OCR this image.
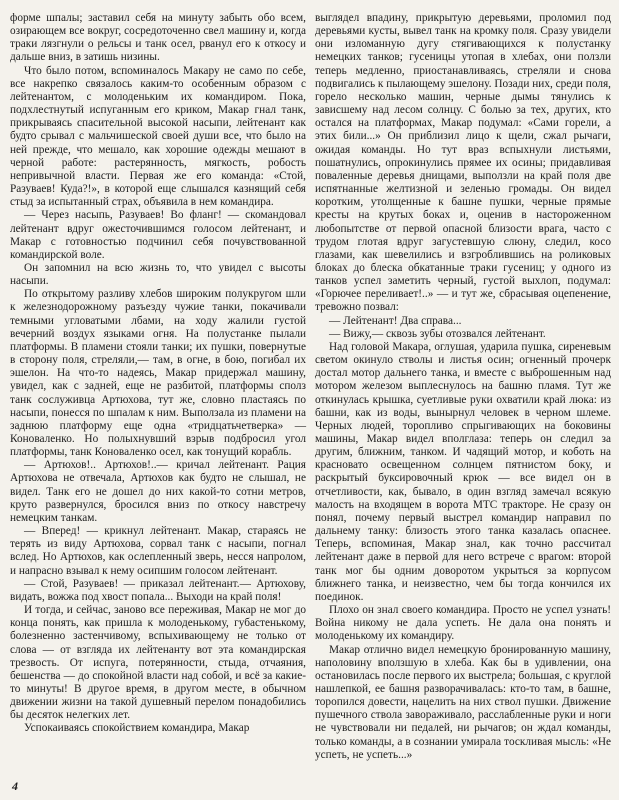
форме шпалы; заставил себя на минуту забыть обо всем, озирающем все вокруг, сосредоточенно свел машину и, когда траки лязгнули о рельсы и танк осел, рванул его к откосу и дальше вниз, в затишь низины.

Что было потом, вспоминалось Макару не само по себе, все накрепко связалось каким-то особенным образом с лейтенантом, с молоденьким их командиром. Пока, подхлестнутый испуганным его криком, Макар гнал танк, прикрываясь спасительной высокой насыпи, лейтенант как будто срывал с мальчишеской своей души все, что было на ней прежде, что мешало, как хорошие одежды мешают в черной работе: растерянность, мягкость, робость непривычной власти. Первая же его команда: «Стой, Разуваев! Куда?!», в которой еще слышался казнящий себя стыд за испытанный страх, объявила в нем командира.

— Через насыпь, Разуваев! Во фланг! — скомандовал лейтенант вдруг ожесточившимся голосом лейтенант, и Макар с готовностью подчинил себя почувствованной командирской воле.

Он запомнил на всю жизнь то, что увидел с высоты насыпи.

По открытому разливу хлебов широким полукругом шли к железнодорожному разъезду чужие танки, покачивали темными угловатыми лбами, на ходу жалили густой вечерний воздух языками огня. На полустанке пылали платформы. В пламени стояли танки; их пушки, повернутые в сторону поля, стреляли,— там, в огне, в бою, погибал их эшелон. На что-то надеясь, Макар придержал машину, увидел, как с задней, еще не разбитой, платформы сполз танк сослуживца Артюхова, тут же, словно пластаясь по насыпи, понесся по шпалам к ним. Выползала из пламени на заднюю платформу еще одна «тридцатьчетверка» — Коноваленко. Но полыхнувший взрыв подбросил угол платформы, танк Коноваленко осел, как тонущий корабль.

— Артюхов!.. Артюхов!..— кричал лейтенант. Рация Артюхова не отвечала, Артюхов как будто не слышал, не видел. Танк его не дошел до них какой-то сотни метров, круто развернулся, бросился вниз по откосу навстречу немецким танкам.

— Вперед! — крикнул лейтенант. Макар, стараясь не терять из виду Артюхова, сорвал танк с насыпи, погнал вслед. Но Артюхов, как ослепленный зверь, несся напролом, и напрасно взывал к нему осипшим голосом лейтенант.

— Стой, Разуваев! — приказал лейтенант.— Артюхову, видать, вожжа под хвост попала... Выходи на край поля!

И тогда, и сейчас, заново все переживая, Макар не мог до конца понять, как пришла к молоденькому, губастенькому, болезненно застенчивому, вспыхивающему не только от слова — от взгляда их лейтенанту вот эта командирская трезвость. От испуга, потерянности, стыда, отчаяния, бешенства — до спокойной власти над собой, и всё за какие-то минуты! В другое время, в другом месте, в обычном движении жизни на такой душевный перелом понадобились бы десяток нелегких лет.

Успокаиваясь спокойствием командира, Макар

выглядел впадину, прикрытую деревьями, проломил под деревьями кусты, вывел танк на кромку поля. Сразу увидели они изломанную дугу стягивающихся к полустанку немецких танков; гусеницы утопая в хлебах, они ползли теперь медленно, приостанавливаясь, стреляли и снова подвигались к пылающему эшелону. Позади них, среди поля, горело несколько машин, черные дымы тянулись к зависшему над лесом солнцу. С болью за тех, других, кто остался на платформах, Макар подумал: «Сами горели, а этих били...» Он приблизил лицо к щели, сжал рычаги, ожидая команды. Но тут враз вспыхнули листьями, пошатнулись, опрокинулись прямее их осины; придавливая поваленные деревья днищами, выползли на край поля две испятнанные желтизной и зеленью громады. Он видел коротким, утолщенные к башне пушки, черные прямые кресты на крутых боках и, оценив в настороженном любопытстве от первой опасной близости врага, часто с трудом глотая вдруг загустевшую слюну, следил, косо глазами, как шевелились и взгроблившись на роликовых блоках до блеска обкатанные траки гусениц; у одного из танков успел заметить черный, густой выхлоп, подумал: «Горючее переливает!..» — и тут же, сбрасывая оцепенение, тревожно позвал:

— Лейтенант! Два справа...

— Вижу,— сквозь зубы отозвался лейтенант.

Над головой Макара, оглушая, ударила пушка, сиреневым светом окинуло стволы и листья осин; огненный прочерк достал мотор дальнего танка, и вместе с выброшенным над мотором железом выплеснулось на башню пламя. Тут же откинулась крышка, суетливые руки охватили край люка: из башни, как из воды, вынырнул человек в черном шлеме. Черных людей, торопливо спрыгивающих на боковины машины, Макар видел вполглаза: теперь он следил за другим, ближним, танком. И чадящий мотор, и коботь на красновато освещенном солнцем пятнистом боку, и раскрытый буксировочный крюк — все видел он в отчетливости, как, бывало, в один взгляд замечал всякую малость на входящем в ворота МТС тракторе. Не сразу он понял, почему первый выстрел командир направил по дальнему танку: близость этого танка казалась опаснее. Теперь, вспоминая, Макар знал, как точно рассчитал лейтенант даже в первой для него встрече с врагом: второй танк мог бы одним доворотом укрыться за корпусом ближнего танка, и неизвестно, чем бы тогда кончился их поединок.

Плохо он знал своего командира. Просто не успел узнать! Война никому не дала успеть. Не дала она понять и молоденькому их командиру.

Макар отлично видел немецкую бронированную машину, наполовину вползшую в хлеба. Как бы в удивлении, она остановилась после первого их выстрела; большая, с круглой нашлепкой, ее башня разворачивалась: кто-то там, в башне, торопился довести, нацелить на них ствол пушки. Движение пушечного ствола завораживало, расслабленные руки и ноги не чувствовали ни педалей, ни рычагов; он ждал команды, только команды, а в сознании умирала тоскливая мысль: «Не успеть, не успеть...»

4
